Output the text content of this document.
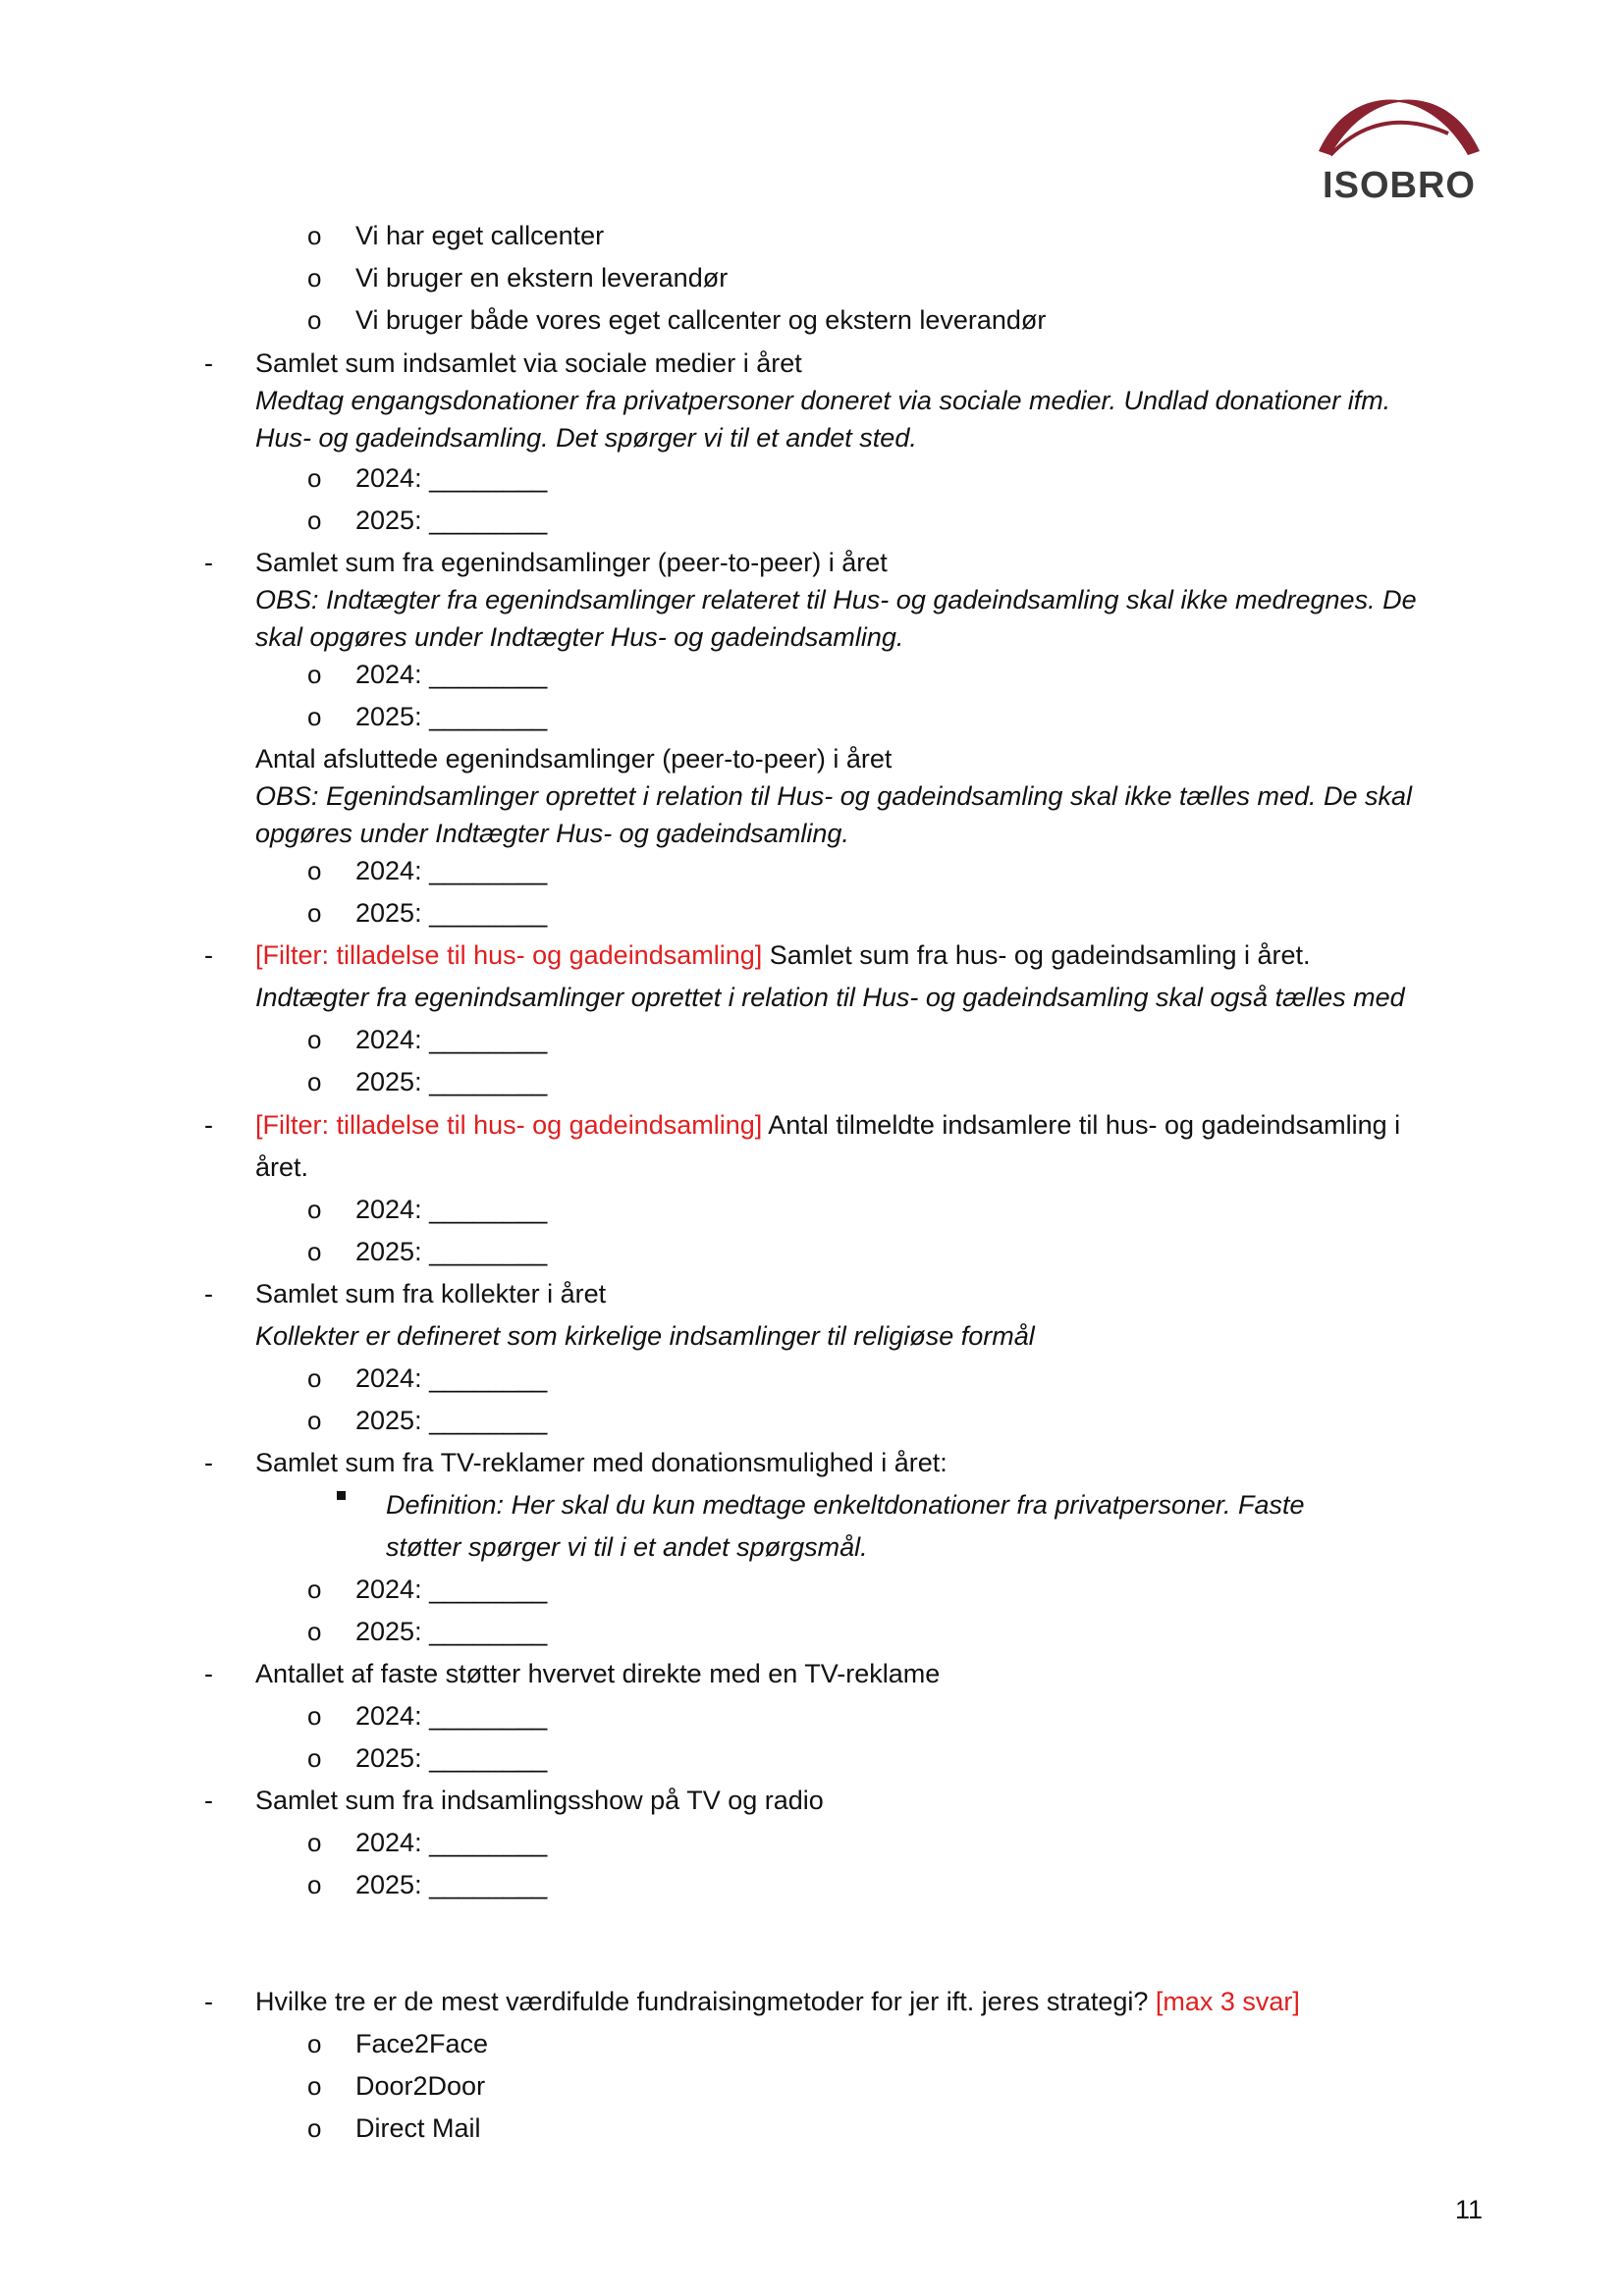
ISOBRO
o Vi har eget callcenter
o Vi bruger en ekstern leverandør
o Vi bruger både vores eget callcenter og ekstern leverandør
- Samlet sum indsamlet via sociale medier i året
Medtag engangsdonationer fra privatpersoner doneret via sociale medier. Undlad donationer ifm.
Hus- og gadeindsamling. Det spørger vi til et andet sted.
o 2024: ________
o 2025: ________
- Samlet sum fra egenindsamlinger (peer-to-peer) i året
OBS: Indtægter fra egenindsamlinger relateret til Hus- og gadeindsamling skal ikke medregnes. De
skal opgøres under Indtægter Hus- og gadeindsamling.
o 2024: ________
o 2025: ________
Antal afsluttede egenindsamlinger (peer-to-peer) i året
OBS: Egenindsamlinger oprettet i relation til Hus- og gadeindsamling skal ikke tælles med. De skal
opgøres under Indtægter Hus- og gadeindsamling.
o 2024: ________
o 2025: ________
- [Filter: tilladelse til hus- og gadeindsamling] Samlet sum fra hus- og gadeindsamling i året.
Indtægter fra egenindsamlinger oprettet i relation til Hus- og gadeindsamling skal også tælles med
o 2024: ________
o 2025: ________
- [Filter: tilladelse til hus- og gadeindsamling] Antal tilmeldte indsamlere til hus- og gadeindsamling i
året.
o 2024: ________
o 2025: ________
- Samlet sum fra kollekter i året
Kollekter er defineret som kirkelige indsamlinger til religiøse formål
o 2024: ________
o 2025: ________
- Samlet sum fra TV-reklamer med donationsmulighed i året:
Definition: Her skal du kun medtage enkeltdonationer fra privatpersoner. Faste
støtter spørger vi til i et andet spørgsmål.
o 2024: ________
o 2025: ________
- Antallet af faste støtter hvervet direkte med en TV-reklame
o 2024: ________
o 2025: ________
- Samlet sum fra indsamlingsshow på TV og radio
o 2024: ________
o 2025: ________
- Hvilke tre er de mest værdifulde fundraisingmetoder for jer ift. jeres strategi? [max 3 svar]
o Face2Face
o Door2Door
o Direct Mail
11
